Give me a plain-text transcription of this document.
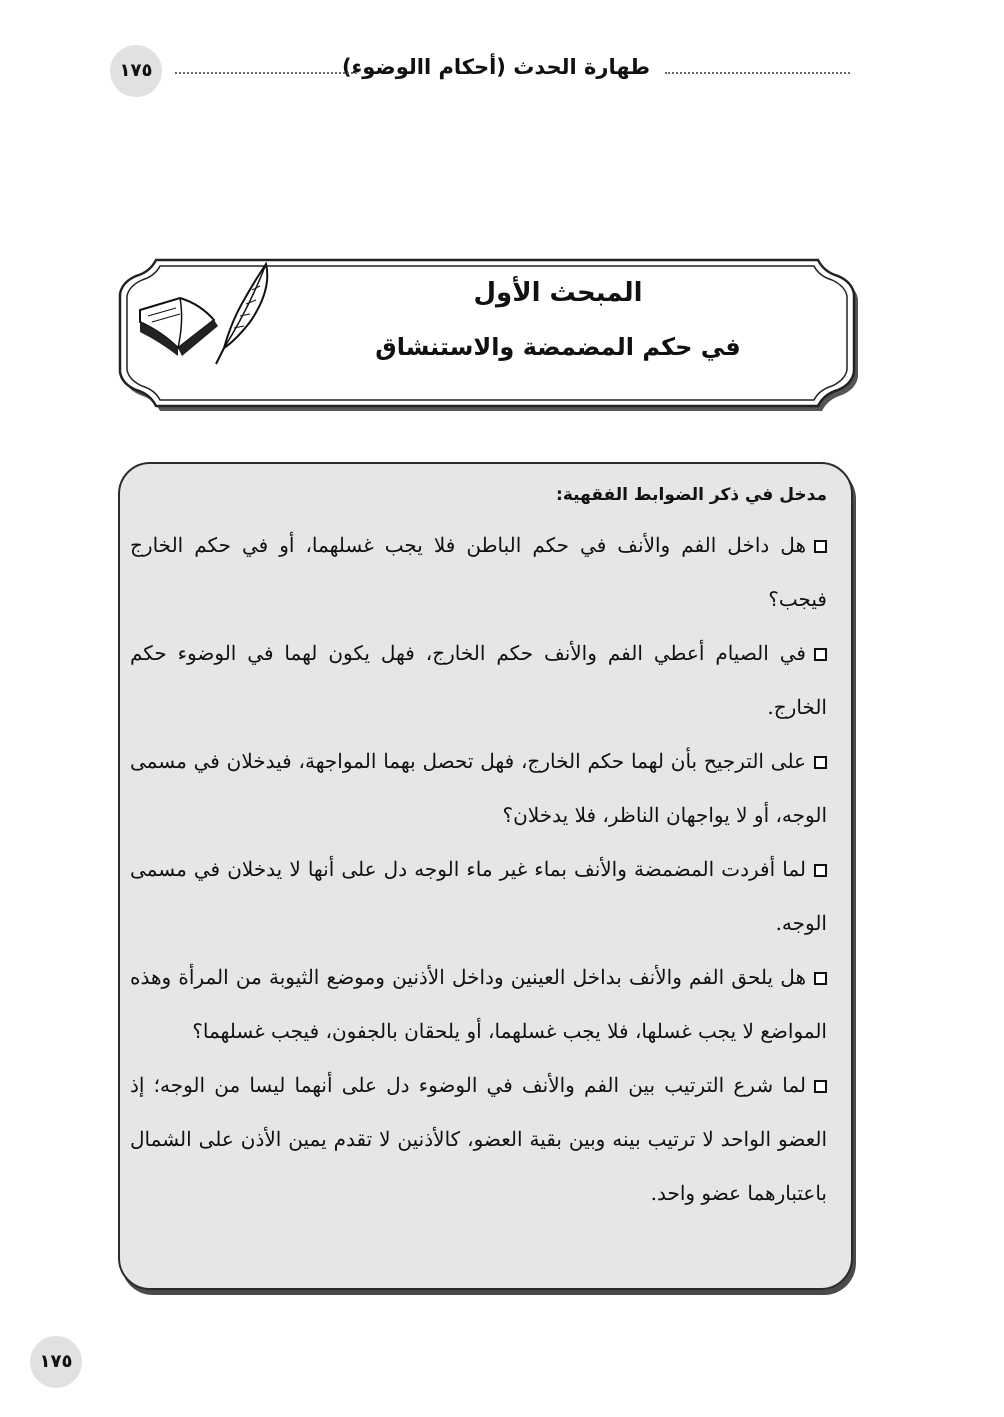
طهارة الحدث (أحكام االوضوء)
١٧٥
المبحث الأول
في حكم المضمضة والاستنشاق
مدخل في ذكر الضوابط الفقهية:

هل داخل الفم والأنف في حكم الباطن فلا يجب غسلهما، أو في حكم الخارج فيجب؟

في الصيام أعطي الفم والأنف حكم الخارج، فهل يكون لهما في الوضوء حكم الخارج.

على الترجيح بأن لهما حكم الخارج، فهل تحصل بهما المواجهة، فيدخلان في مسمى الوجه، أو لا يواجهان الناظر، فلا يدخلان؟

لما أفردت المضمضة والأنف بماء غير ماء الوجه دل على أنها لا يدخلان في مسمى الوجه.

هل يلحق الفم والأنف بداخل العينين وداخل الأذنين وموضع الثيوبة من المرأة وهذه المواضع لا يجب غسلها، فلا يجب غسلهما، أو يلحقان بالجفون، فيجب غسلهما؟

لما شرع الترتيب بين الفم والأنف في الوضوء دل على أنهما ليسا من الوجه؛ إذ العضو الواحد لا ترتيب بينه وبين بقية العضو، كالأذنين لا تقدم يمين الأذن على الشمال باعتبارهما عضو واحد.

١٧٥
